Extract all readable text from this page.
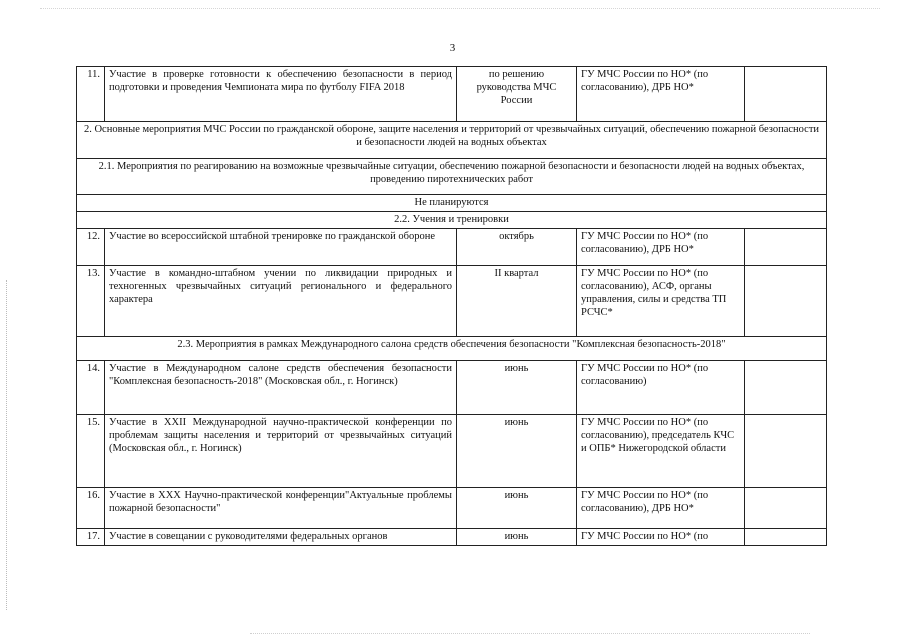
3
11.	Участие в проверке готовности к обеспечению безопасности в период подготовки и проведения Чемпионата мира по футболу FIFA 2018	по решению руководства МЧС России	ГУ МЧС России по НО* (по согласованию), ДРБ НО*	
2. Основные мероприятия МЧС России по гражданской обороне, защите населения и территорий от чрезвычайных ситуаций, обеспечению пожарной безопасности и безопасности людей на водных объектах				
2.1. Мероприятия по реагированию на возможные чрезвычайные ситуации, обеспечению пожарной безопасности и безопасности людей на водных объектах, проведению пиротехнических работ				
Не планируются				
2.2. Учения и тренировки				
12.	Участие во всероссийской штабной тренировке по гражданской обороне	октябрь	ГУ МЧС России по НО* (по согласованию), ДРБ НО*	
13.	Участие в командно-штабном учении по ликвидации природных и техногенных чрезвычайных ситуаций регионального и федерального характера	II квартал	ГУ МЧС России по НО* (по согласованию), АСФ, органы управления, силы и средства ТП РСЧС*	
2.3. Мероприятия в рамках Международного салона средств обеспечения безопасности "Комплексная безопасность-2018"				
14.	Участие в Международном салоне средств обеспечения безопасности "Комплексная безопасность-2018" (Московская обл., г. Ногинск)	июнь	ГУ МЧС России по НО* (по согласованию)	
15.	Участие в XXII Международной научно-практической конференции по проблемам защиты населения и территорий от чрезвычайных ситуаций (Московская обл., г. Ногинск)	июнь	ГУ МЧС России по НО* (по согласованию), председатель КЧС и ОПБ* Нижегородской области	
16.	Участие в XXX Научно-практической конференции"Актуальные проблемы пожарной безопасности"	июнь	ГУ МЧС России по НО* (по согласованию), ДРБ НО*	
17.	Участие в совещании с руководителями федеральных органов	июнь	ГУ МЧС России по НО* (по	
